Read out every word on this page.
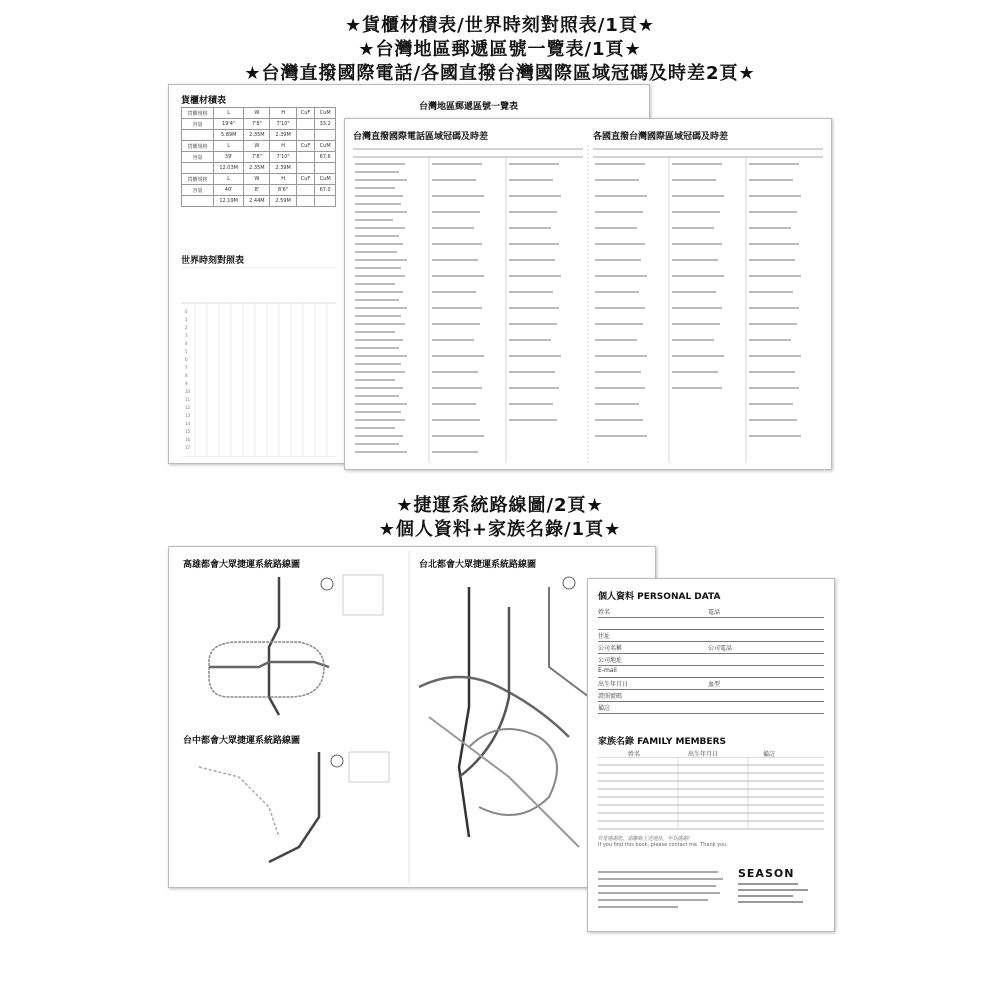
★貨櫃材積表/世界時刻對照表/1頁★
★台灣地區郵遞區號一覽表/1頁★
★台灣直撥國際電話/各國直撥台灣國際區域冠碼及時差2頁★
★捷運系統路線圖/2頁★
★個人資料+家族名錄/1頁★
貨櫃材積表
貨櫃規格	L	W	H	CuF	CuM
容量	19'4"	7'8"	7'10"		33.2
	5.89M	2.35M	2.39M		
貨櫃規格	L	W	H	CuF	CuM
容量	39'	7'8"	7'10"		67.6
	12.03M	2.35M	2.39M		
貨櫃規格	L	W	H	CuF	CuM
容量	40'	8'	8'6"		67.0
	12.19M	2.44M	2.59M		
世界時刻對照表
0
1
2
3
4
5
6
7
8
9
10
11
12
13
14
15
16
17
台灣地區郵遞區號一覽表
台灣直撥國際電話區域冠碼及時差	各國直撥台灣國際區域冠碼及時差
高雄都會大眾捷運系統路線圖	台北都會大眾捷運系統路線圖
台中都會大眾捷運系統路線圖
個人資料 PERSONAL DATA
姓名	電話
住址
公司名稱	公司電話
公司地址
E-mail
出生年月日	血型
證照號碼
備註
家族名錄 FAMILY MEMBERS
姓名	出生年月日	備註
非常感謝您，請聯絡上述地址，至為感謝!
If you find this book, please contact me. Thank you.
SEASON
